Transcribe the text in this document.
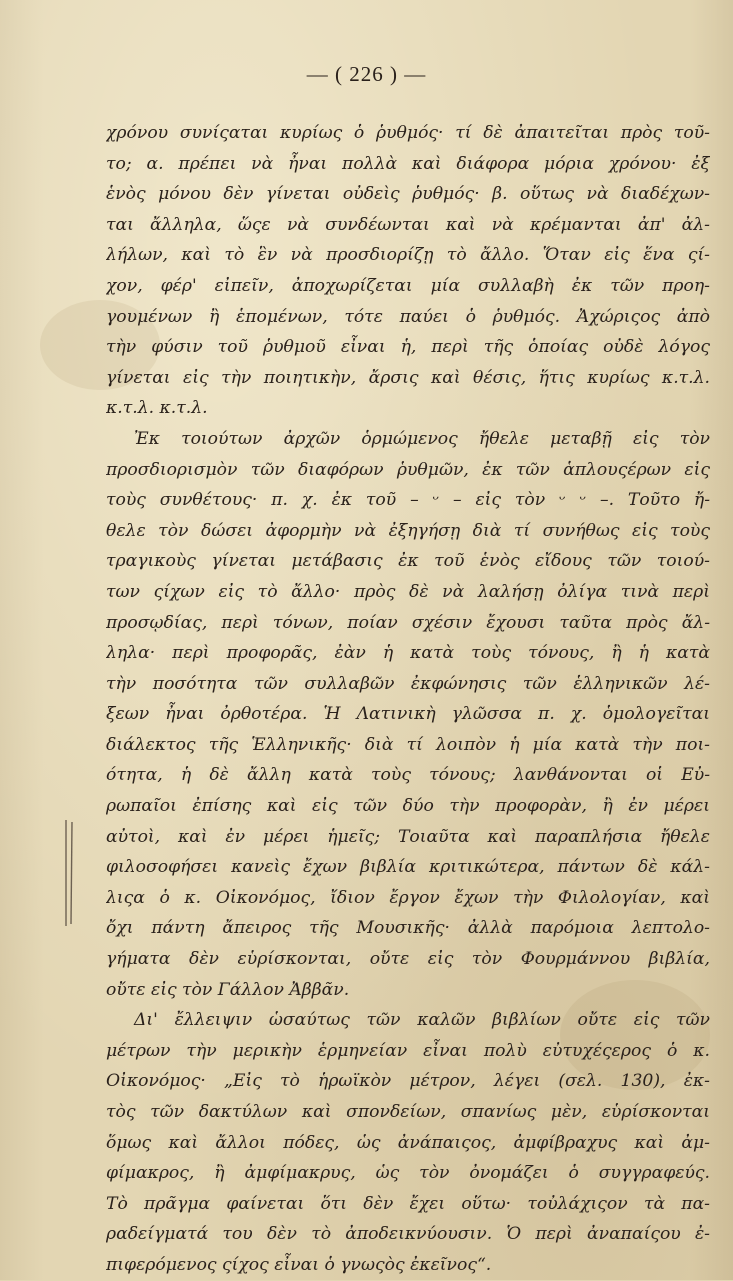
— ( 226 ) —
χρόνου συνίςαται κυρίως ὁ ῥυθμός· τί δὲ ἀπαιτεῖται πρὸς τοῦ-
το; α. πρέπει νὰ ἦναι πολλὰ καὶ διάφορα μόρια χρόνου· ἐξ
ἑνὸς μόνου δὲν γίνεται οὐδεὶς ῥυθμός· β. οὕτως νὰ διαδέχων-
ται ἄλληλα, ὥςε νὰ συνδέωνται καὶ νὰ κρέμανται ἀπ' ἀλ-
λήλων, καὶ τὸ ἓν νὰ προσδιορίζῃ τὸ ἄλλο. Ὅταν εἰς ἕνα ςί-
χον, φέρ' εἰπεῖν, ἀποχωρίζεται μία συλλαβὴ ἐκ τῶν προη-
γουμένων ἢ ἑπομένων, τότε παύει ὁ ῥυθμός. Ἀχώριςος ἀπὸ
τὴν φύσιν τοῦ ῥυθμοῦ εἶναι ἡ, περὶ τῆς ὁποίας οὐδὲ λόγος
γίνεται εἰς τὴν ποιητικὴν, ἄρσις καὶ θέσις, ἥτις κυρίως κ.τ.λ.
κ.τ.λ. κ.τ.λ.
Ἐκ τοιούτων ἀρχῶν ὁρμώμενος ἤθελε μεταβῇ εἰς τὸν
προσδιορισμὸν τῶν διαφόρων ῥυθμῶν, ἐκ τῶν ἁπλουςέρων εἰς
τοὺς συνθέτους· π. χ. ἐκ τοῦ – ᵕ – εἰς τὸν ᵕ ᵕ –. Τοῦτο ἤ-
θελε τὸν δώσει ἀφορμὴν νὰ ἐξηγήσῃ διὰ τί συνήθως εἰς τοὺς
τραγικοὺς γίνεται μετάβασις ἐκ τοῦ ἑνὸς εἴδους τῶν τοιού-
των ςίχων εἰς τὸ ἄλλο· πρὸς δὲ νὰ λαλήσῃ ὀλίγα τινὰ περὶ
προσῳδίας, περὶ τόνων, ποίαν σχέσιν ἔχουσι ταῦτα πρὸς ἄλ-
ληλα· περὶ προφορᾶς, ἐὰν ἡ κατὰ τοὺς τόνους, ἢ ἡ κατὰ
τὴν ποσότητα τῶν συλλαβῶν ἐκφώνησις τῶν ἑλληνικῶν λέ-
ξεων ἦναι ὀρθοτέρα. Ἡ Λατινικὴ γλῶσσα π. χ. ὁμολογεῖται
διάλεκτος τῆς Ἑλληνικῆς· διὰ τί λοιπὸν ἡ μία κατὰ τὴν ποι-
ότητα, ἡ δὲ ἄλλη κατὰ τοὺς τόνους; λανθάνονται οἱ Εὐ-
ρωπαῖοι ἐπίσης καὶ εἰς τῶν δύο τὴν προφορὰν, ἢ ἐν μέρει
αὐτοὶ, καὶ ἐν μέρει ἡμεῖς; Τοιαῦτα καὶ παραπλήσια ἤθελε
φιλοσοφήσει κανεὶς ἔχων βιβλία κριτικώτερα, πάντων δὲ κάλ-
λιςα ὁ κ. Οἰκονόμος, ἴδιον ἔργον ἔχων τὴν Φιλολογίαν, καὶ
ὄχι πάντη ἄπειρος τῆς Μουσικῆς· ἀλλὰ παρόμοια λεπτολο-
γήματα δὲν εὑρίσκονται, οὔτε εἰς τὸν Φουρμάννου βιβλία,
οὔτε εἰς τὸν Γάλλον Ἀββᾶν.
Δι' ἔλλειψιν ὡσαύτως τῶν καλῶν βιβλίων οὔτε εἰς τῶν
μέτρων τὴν μερικὴν ἑρμηνείαν εἶναι πολὺ εὐτυχέςερος ὁ κ.
Οἰκονόμος· „Εἰς τὸ ἡρωϊκὸν μέτρον, λέγει (σελ. 130), ἐκ-
τὸς τῶν δακτύλων καὶ σπονδείων, σπανίως μὲν, εὑρίσκονται
ὅμως καὶ ἄλλοι πόδες, ὡς ἀνάπαιςος, ἀμφίβραχυς καὶ ἀμ-
φίμακρος, ἢ ἀμφίμακρυς, ὡς τὸν ὀνομάζει ὁ συγγραφεύς.
Τὸ πρᾶγμα φαίνεται ὅτι δὲν ἔχει οὕτω· τοὐλάχιςον τὰ πα-
ραδείγματά του δὲν τὸ ἀποδεικνύουσιν. Ὁ περὶ ἀναπαίςου ἐ-
πιφερόμενος ςίχος εἶναι ὁ γνωςὸς ἐκεῖνος“.
